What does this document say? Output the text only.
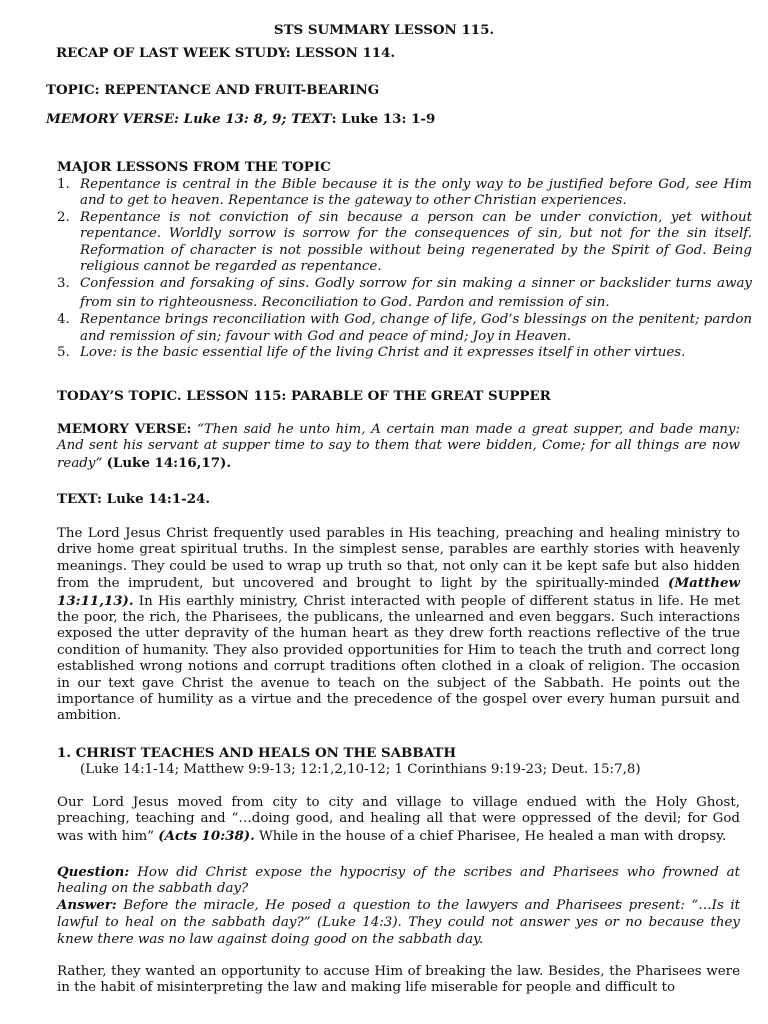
STS SUMMARY LESSON 115.
RECAP OF LAST WEEK STUDY: LESSON 114.
TOPIC: REPENTANCE AND FRUIT-BEARING
MEMORY VERSE: Luke 13: 8, 9; TEXT: Luke 13: 1-9
MAJOR LESSONS FROM THE TOPIC
1. Repentance is central in the Bible because it is the only way to be justified before God, see Him and to get to heaven. Repentance is the gateway to other Christian experiences.
2. Repentance is not conviction of sin because a person can be under conviction, yet without repentance. Worldly sorrow is sorrow for the consequences of sin, but not for the sin itself. Reformation of character is not possible without being regenerated by the Spirit of God. Being religious cannot be regarded as repentance.
3. Confession and forsaking of sins. Godly sorrow for sin making a sinner or backslider turns away from sin to righteousness. Reconciliation to God. Pardon and remission of sin.
4. Repentance brings reconciliation with God, change of life, God’s blessings on the penitent; pardon and remission of sin; favour with God and peace of mind; Joy in Heaven.
5. Love: is the basic essential life of the living Christ and it expresses itself in other virtues.
TODAY’S TOPIC. LESSON 115: PARABLE OF THE GREAT SUPPER
MEMORY VERSE: “Then said he unto him, A certain man made a great supper, and bade many: And sent his servant at supper time to say to them that were bidden, Come; for all things are now ready” (Luke 14:16,17).
TEXT: Luke 14:1-24.
The Lord Jesus Christ frequently used parables in His teaching, preaching and healing ministry to drive home great spiritual truths. In the simplest sense, parables are earthly stories with heavenly meanings. They could be used to wrap up truth so that, not only can it be kept safe but also hidden from the imprudent, but uncovered and brought to light by the spiritually-minded (Matthew 13:11,13). In His earthly ministry, Christ interacted with people of different status in life. He met the poor, the rich, the Pharisees, the publicans, the unlearned and even beggars. Such interactions exposed the utter depravity of the human heart as they drew forth reactions reflective of the true condition of humanity. They also provided opportunities for Him to teach the truth and correct long established wrong notions and corrupt traditions often clothed in a cloak of religion. The occasion in our text gave Christ the avenue to teach on the subject of the Sabbath. He points out the importance of humility as a virtue and the precedence of the gospel over every human pursuit and ambition.
1. CHRIST TEACHES AND HEALS ON THE SABBATH
(Luke 14:1-14; Matthew 9:9-13; 12:1,2,10-12; 1 Corinthians 9:19-23; Deut. 15:7,8)
Our Lord Jesus moved from city to city and village to village endued with the Holy Ghost, preaching, teaching and “…doing good, and healing all that were oppressed of the devil; for God was with him” (Acts 10:38). While in the house of a chief Pharisee, He healed a man with dropsy.
Question: How did Christ expose the hypocrisy of the scribes and Pharisees who frowned at healing on the sabbath day?
Answer: Before the miracle, He posed a question to the lawyers and Pharisees present: “…Is it lawful to heal on the sabbath day?” (Luke 14:3). They could not answer yes or no because they knew there was no law against doing good on the sabbath day.
Rather, they wanted an opportunity to accuse Him of breaking the law. Besides, the Pharisees were in the habit of misinterpreting the law and making life miserable for people and difficult to
